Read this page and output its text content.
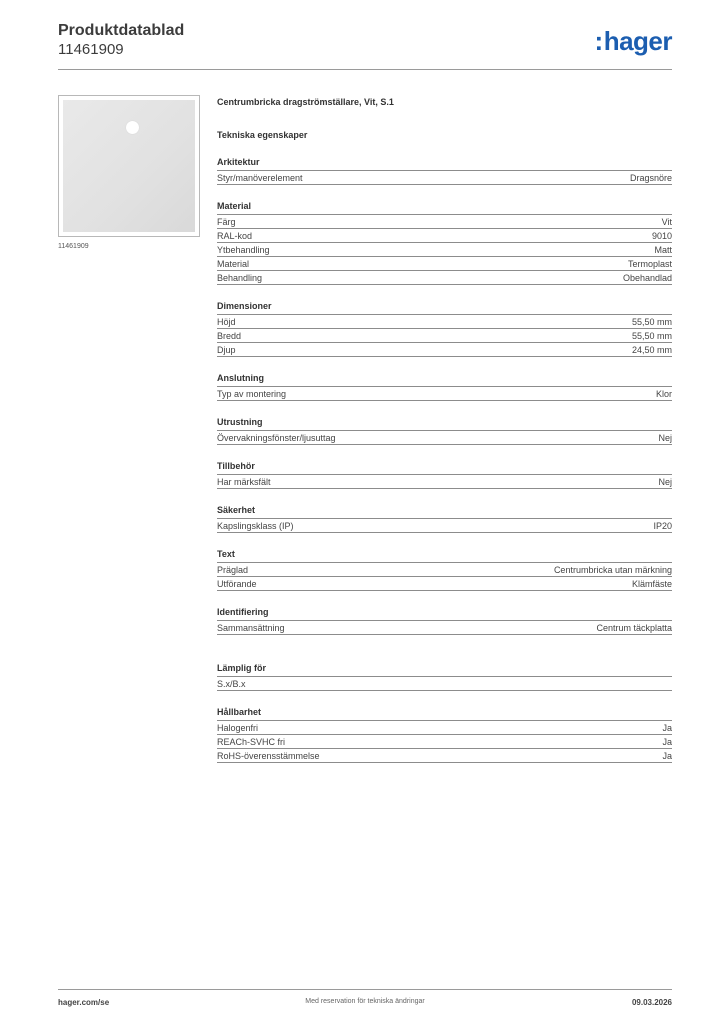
Produktdatablad
11461909	:hager
11461909
Centrumbricka dragströmställare, Vit, S.1
Tekniska egenskaper
Arkitektur
Styr/manöverelement	Dragsnöre
Material
Färg	Vit
RAL-kod	9010
Ytbehandling	Matt
Material	Termoplast
Behandling	Obehandlad
Dimensioner
Höjd	55,50 mm
Bredd	55,50 mm
Djup	24,50 mm
Anslutning
Typ av montering	Klor
Utrustning
Övervakningsfönster/ljusuttag	Nej
Tillbehör
Har märksfält	Nej
Säkerhet
Kapslingsklass (IP)	IP20
Text
Präglad	Centrumbricka utan märkning
Utförande	Klämfäste
Identifiering
Sammansättning	Centrum täckplatta
Lämplig för
S.x/B.x
Hållbarhet
Halogenfri	Ja
REACh-SVHC fri	Ja
RoHS-överensstämmelse	Ja
hager.com/se	Med reservation för tekniska ändringar	09.03.2026
